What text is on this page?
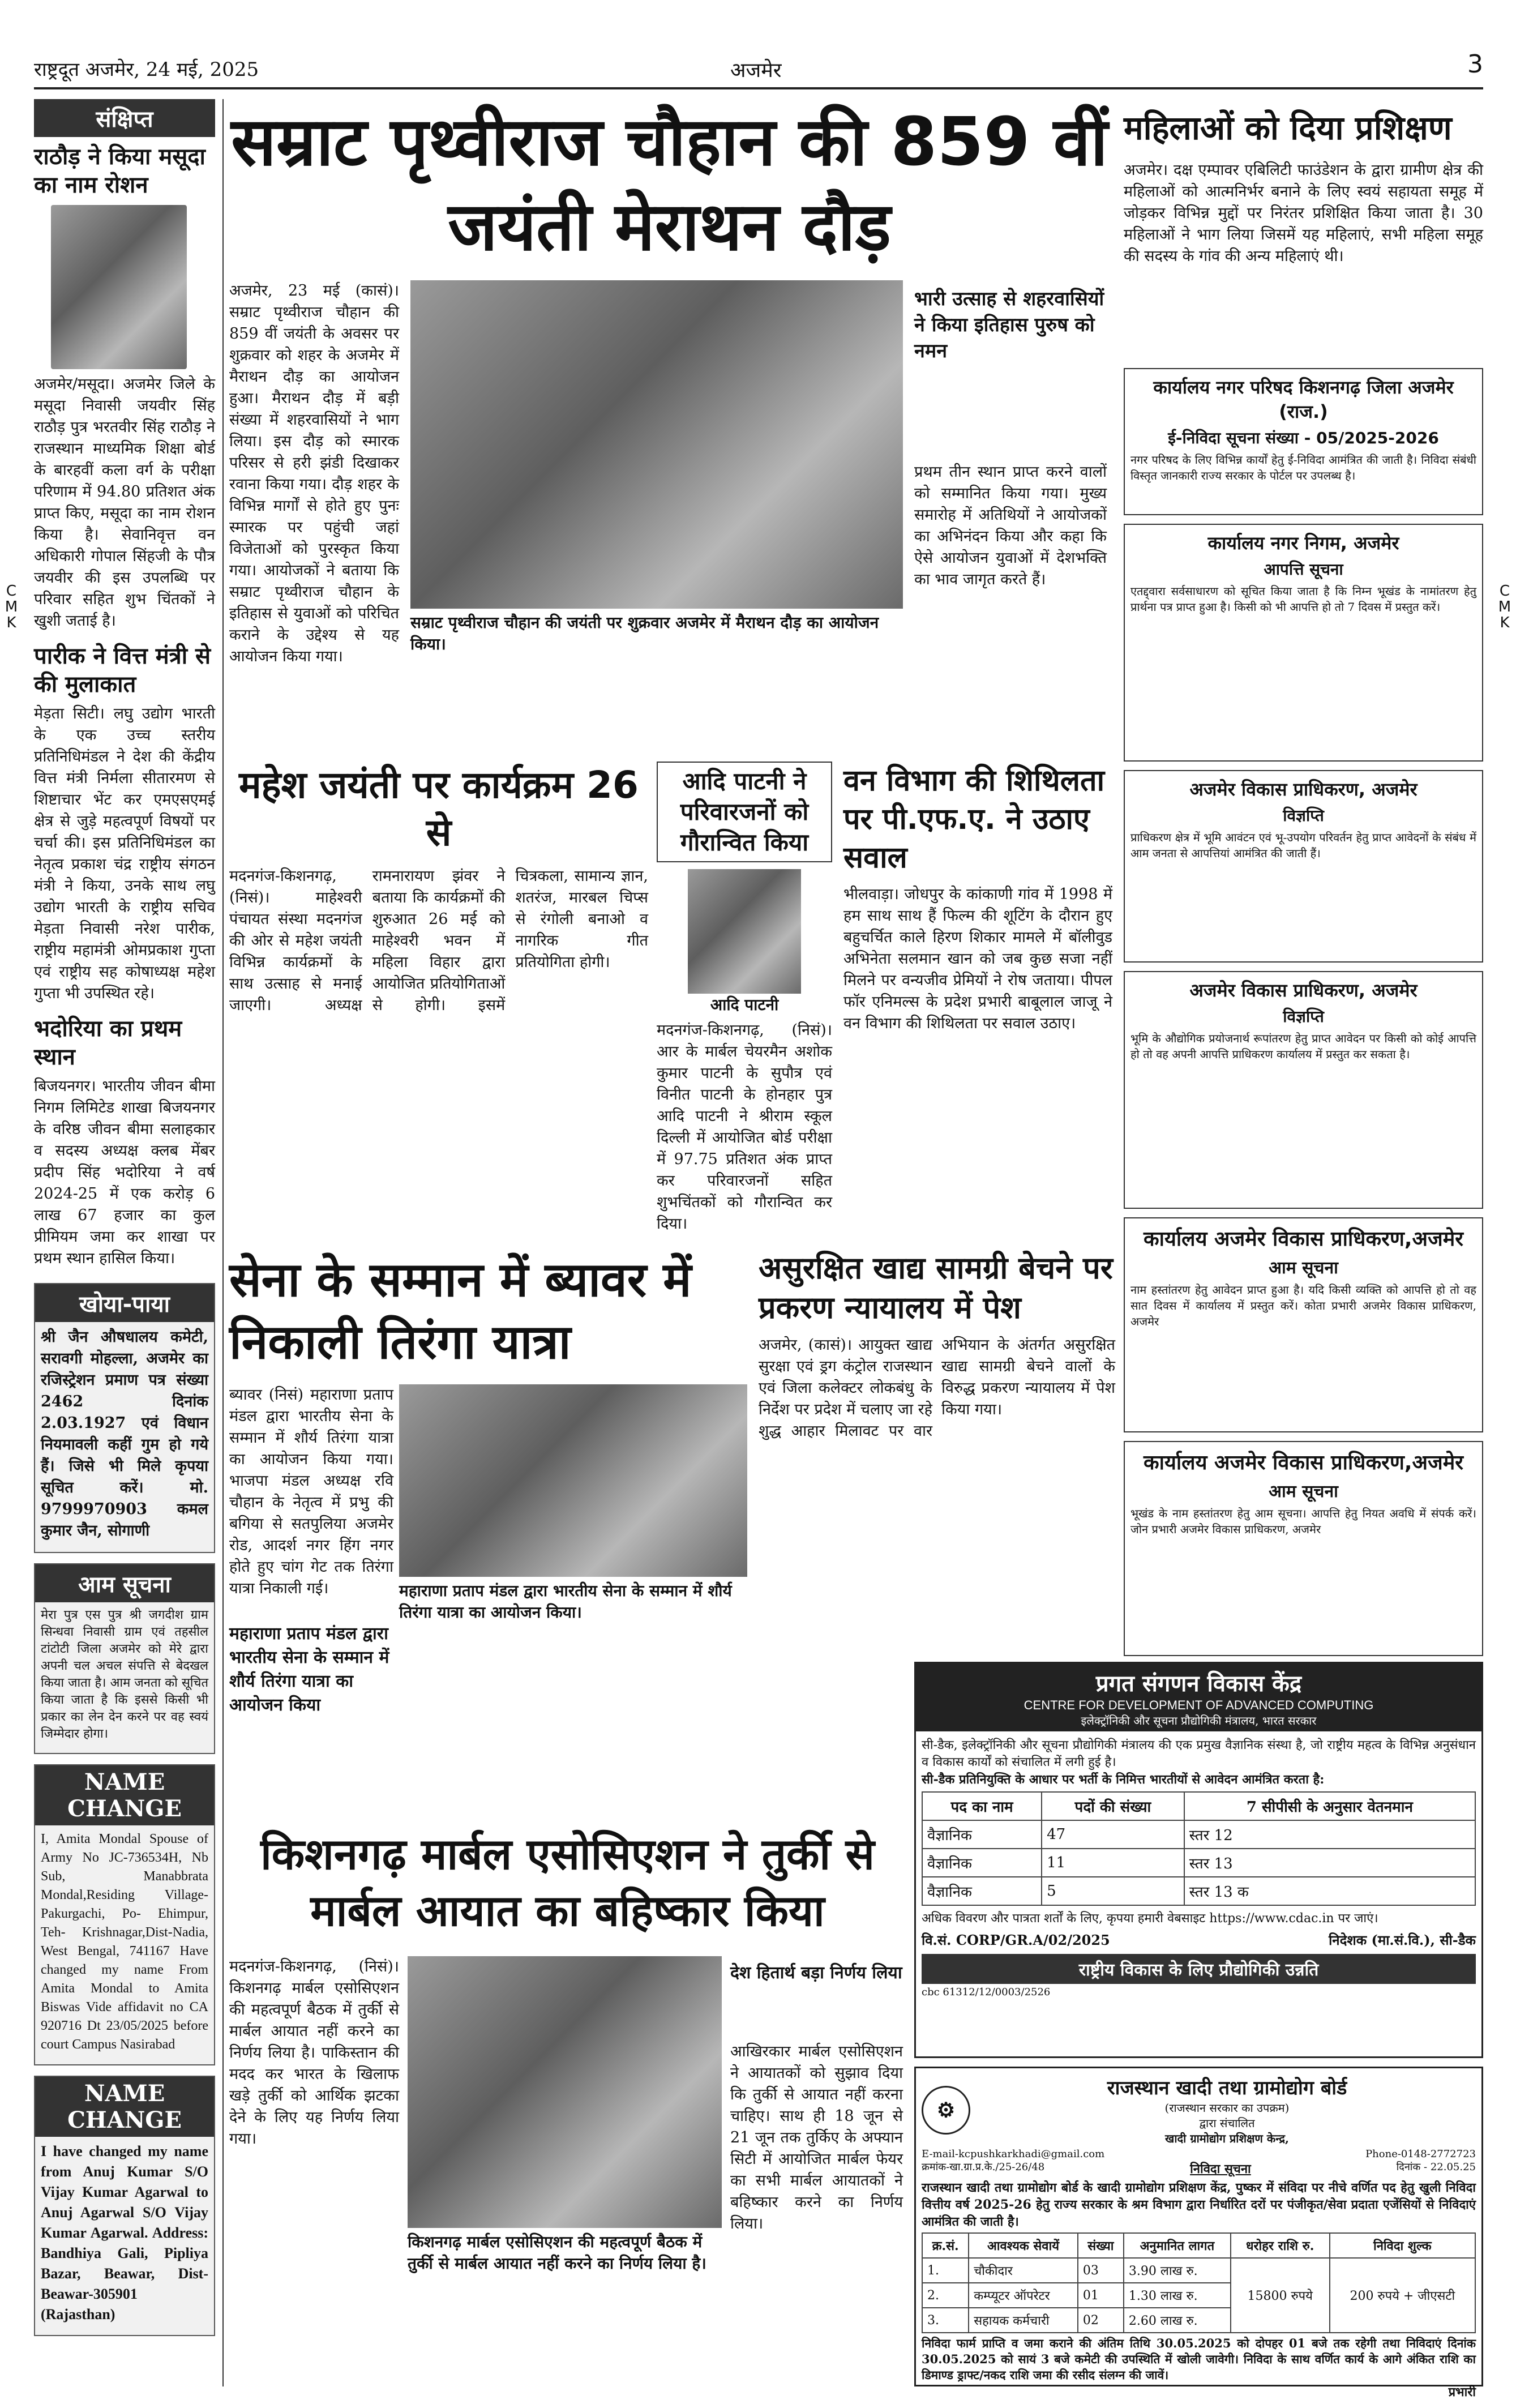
राष्ट्रदूत अजमेर, 24 मई, 2025	अजमेर	3
C M K
C M K
संक्षिप्त
राठौड़ ने किया मसूदा का नाम रोशन
अजमेर/मसूदा। अजमेर जिले के मसूदा निवासी जयवीर सिंह राठौड़ पुत्र भरतवीर सिंह राठौड़ ने राजस्थान माध्यमिक शिक्षा बोर्ड के बारहवीं कला वर्ग के परीक्षा परिणाम में 94.80 प्रतिशत अंक प्राप्त किए, मसूदा का नाम रोशन किया है। सेवानिवृत्त वन अधिकारी गोपाल सिंहजी के पौत्र जयवीर की इस उपलब्धि पर परिवार सहित शुभ चिंतकों ने खुशी जताई है।
पारीक ने वित्त मंत्री से की मुलाकात
मेड़ता सिटी। लघु उद्योग भारती के एक उच्च स्तरीय प्रतिनिधिमंडल ने देश की केंद्रीय वित्त मंत्री निर्मला सीतारमण से शिष्टाचार भेंट कर एमएसएमई क्षेत्र से जुड़े महत्वपूर्ण विषयों पर चर्चा की। इस प्रतिनिधिमंडल का नेतृत्व प्रकाश चंद्र राष्ट्रीय संगठन मंत्री ने किया, उनके साथ लघु उद्योग भारती के राष्ट्रीय सचिव मेड़ता निवासी नरेश पारीक, राष्ट्रीय महामंत्री ओमप्रकाश गुप्ता एवं राष्ट्रीय सह कोषाध्यक्ष महेश गुप्ता भी उपस्थित रहे।
भदोरिया का प्रथम स्थान
बिजयनगर। भारतीय जीवन बीमा निगम लिमिटेड शाखा बिजयनगर के वरिष्ठ जीवन बीमा सलाहकार व सदस्य अध्यक्ष क्लब मेंबर प्रदीप सिंह भदोरिया ने वर्ष 2024-25 में एक करोड़ 6 लाख 67 हजार का कुल प्रीमियम जमा कर शाखा पर प्रथम स्थान हासिल किया।
खोया-पाया
श्री जैन औषधालय कमेटी, सरावगी मोहल्ला, अजमेर का रजिस्ट्रेशन प्रमाण पत्र संख्या 2462 दिनांक 2.03.1927 एवं विधान नियमावली कहीं गुम हो गये हैं। जिसे भी मिले कृपया सूचित करें। मो. 9799970903 कमल कुमार जैन, सोगाणी
आम सूचना
मेरा पुत्र एस पुत्र श्री जगदीश ग्राम सिन्धवा निवासी ग्राम एवं तहसील टांटोटी जिला अजमेर को मेरे द्वारा अपनी चल अचल संपत्ति से बेदखल किया जाता है। आम जनता को सूचित किया जाता है कि इससे किसी भी प्रकार का लेन देन करने पर वह स्वयं जिम्मेदार होगा।
NAME CHANGE
I, Amita Mondal Spouse of Army No JC-736534H, Nb Sub, Manabbrata Mondal,Residing Village-Pakurgachi, Po- Ehimpur, Teh- Krishnagar,Dist-Nadia, West Bengal, 741167 Have changed my name From Amita Mondal to Amita Biswas Vide affidavit no CA 920716 Dt 23/05/2025 before court Campus Nasirabad
NAME CHANGE
I have changed my name from Anuj Kumar S/O Vijay Kumar Agarwal to Anuj Agarwal S/O Vijay Kumar Agarwal. Address: Bandhiya Gali, Pipliya Bazar, Beawar, Dist- Beawar-305901 (Rajasthan)
सम्राट पृथ्वीराज चौहान की 859 वीं जयंती मेराथन दौड़
अजमेर, 23 मई (कासं)। सम्राट पृथ्वीराज चौहान की 859 वीं जयंती के अवसर पर शुक्रवार को शहर के अजमेर में मैराथन दौड़ का आयोजन हुआ। मैराथन दौड़ में बड़ी संख्या में शहरवासियों ने भाग लिया। इस दौड़ को स्मारक परिसर से हरी झंडी दिखाकर रवाना किया गया। दौड़ शहर के विभिन्न मार्गों से होते हुए पुनः स्मारक पर पहुंची जहां विजेताओं को पुरस्कृत किया गया। आयोजकों ने बताया कि सम्राट पृथ्वीराज चौहान के इतिहास से युवाओं को परिचित कराने के उद्देश्य से यह आयोजन किया गया।
सम्राट पृथ्वीराज चौहान की जयंती पर शुक्रवार अजमेर में मैराथन दौड़ का आयोजन किया।
भारी उत्साह से शहरवासियों ने किया इतिहास पुरुष को नमन
प्रथम तीन स्थान प्राप्त करने वालों को सम्मानित किया गया। मुख्य समारोह में अतिथियों ने आयोजकों का अभिनंदन किया और कहा कि ऐसे आयोजन युवाओं में देशभक्ति का भाव जागृत करते हैं।
महिलाओं को दिया प्रशिक्षण
अजमेर। दक्ष एम्पावर एबिलिटी फाउंडेशन के द्वारा ग्रामीण क्षेत्र की महिलाओं को आत्मनिर्भर बनाने के लिए स्वयं सहायता समूह में जोड़कर विभिन्न मुद्दों पर निरंतर प्रशिक्षित किया जाता है। 30 महिलाओं ने भाग लिया जिसमें यह महिलाएं, सभी महिला समूह की सदस्य के गांव की अन्य महिलाएं थी।
कार्यालय नगर परिषद किशनगढ़ जिला अजमेर (राज.)
ई-निविदा सूचना संख्या - 05/2025-2026
नगर परिषद के लिए विभिन्न कार्यों हेतु ई-निविदा आमंत्रित की जाती है। निविदा संबंधी विस्तृत जानकारी राज्य सरकार के पोर्टल पर उपलब्ध है।
कार्यालय नगर निगम, अजमेर
आपत्ति सूचना
एतद्द्वारा सर्वसाधारण को सूचित किया जाता है कि निम्न भूखंड के नामांतरण हेतु प्रार्थना पत्र प्राप्त हुआ है। किसी को भी आपत्ति हो तो 7 दिवस में प्रस्तुत करें।
अजमेर विकास प्राधिकरण, अजमेर
विज्ञप्ति
प्राधिकरण क्षेत्र में भूमि आवंटन एवं भू-उपयोग परिवर्तन हेतु प्राप्त आवेदनों के संबंध में आम जनता से आपत्तियां आमंत्रित की जाती हैं।
अजमेर विकास प्राधिकरण, अजमेर
विज्ञप्ति
भूमि के औद्योगिक प्रयोजनार्थ रूपांतरण हेतु प्राप्त आवेदन पर किसी को कोई आपत्ति हो तो वह अपनी आपत्ति प्राधिकरण कार्यालय में प्रस्तुत कर सकता है।
कार्यालय अजमेर विकास प्राधिकरण,अजमेर
आम सूचना
नाम हस्तांतरण हेतु आवेदन प्राप्त हुआ है। यदि किसी व्यक्ति को आपत्ति हो तो वह सात दिवस में कार्यालय में प्रस्तुत करें। कोता प्रभारी अजमेर विकास प्राधिकरण, अजमेर
कार्यालय अजमेर विकास प्राधिकरण,अजमेर
आम सूचना
भूखंड के नाम हस्तांतरण हेतु आम सूचना। आपत्ति हेतु नियत अवधि में संपर्क करें। जोन प्रभारी अजमेर विकास प्राधिकरण, अजमेर
महेश जयंती पर कार्यक्रम 26 से
मदनगंज-किशनगढ़, (निसं)। माहेश्वरी पंचायत संस्था मदनगंज की ओर से महेश जयंती विभिन्न कार्यक्रमों के साथ उत्साह से मनाई जाएगी। अध्यक्ष रामनारायण झंवर ने बताया कि कार्यक्रमों की शुरुआत 26 मई को माहेश्वरी भवन में महिला विहार द्वारा आयोजित प्रतियोगिताओं से होगी। इसमें चित्रकला, सामान्य ज्ञान, शतरंज, मारबल चिप्स से रंगोली बनाओ व नागरिक गीत प्रतियोगिता होगी।
आदि पाटनी ने परिवारजनों को गौरान्वित किया
आदि पाटनी
मदनगंज-किशनगढ़, (निसं)। आर के मार्बल चेयरमैन अशोक कुमार पाटनी के सुपौत्र एवं विनीत पाटनी के होनहार पुत्र आदि पाटनी ने श्रीराम स्कूल दिल्ली में आयोजित बोर्ड परीक्षा में 97.75 प्रतिशत अंक प्राप्त कर परिवारजनों सहित शुभचिंतकों को गौरान्वित कर दिया।
वन विभाग की शिथिलता पर पी.एफ.ए. ने उठाए सवाल
भीलवाड़ा। जोधपुर के कांकाणी गांव में 1998 में हम साथ साथ हैं फिल्म की शूटिंग के दौरान हुए बहुचर्चित काले हिरण शिकार मामले में बॉलीवुड अभिनेता सलमान खान को जब कुछ सजा नहीं मिलने पर वन्यजीव प्रेमियों ने रोष जताया। पीपल फॉर एनिमल्स के प्रदेश प्रभारी बाबूलाल जाजू ने वन विभाग की शिथिलता पर सवाल उठाए।
सेना के सम्मान में ब्यावर में निकाली तिरंगा यात्रा
ब्यावर (निसं) महाराणा प्रताप मंडल द्वारा भारतीय सेना के सम्मान में शौर्य तिरंगा यात्रा का आयोजन किया गया। भाजपा मंडल अध्यक्ष रवि चौहान के नेतृत्व में प्रभु की बगिया से सतपुलिया अजमेर रोड, आदर्श नगर हिंग नगर होते हुए चांग गेट तक तिरंगा यात्रा निकाली गई।	महाराणा प्रताप मंडल द्वारा भारतीय सेना के सम्मान में शौर्य तिरंगा यात्रा का आयोजन किया।
महाराणा प्रताप मंडल द्वारा भारतीय सेना के सम्मान में शौर्य तिरंगा यात्रा का आयोजन किया
असुरक्षित खाद्य सामग्री बेचने पर प्रकरण न्यायालय में पेश
अजमेर, (कासं)। आयुक्त खाद्य सुरक्षा एवं ड्रग कंट्रोल राजस्थान एवं जिला कलेक्टर लोकबंधु के निर्देश पर प्रदेश में चलाए जा रहे शुद्ध आहार मिलावट पर वार अभियान के अंतर्गत असुरक्षित खाद्य सामग्री बेचने वालों के विरुद्ध प्रकरण न्यायालय में पेश किया गया।
प्रगत संगणन विकास केंद्र
CENTRE FOR DEVELOPMENT OF ADVANCED COMPUTING
इलेक्ट्रॉनिकी और सूचना प्रौद्योगिकी मंत्रालय, भारत सरकार
सी-डैक, इलेक्ट्रॉनिकी और सूचना प्रौद्योगिकी मंत्रालय की एक प्रमुख वैज्ञानिक संस्था है, जो राष्ट्रीय महत्व के विभिन्न अनुसंधान व विकास कार्यों को संचालित में लगी हुई है।
सी-डैक प्रतिनियुक्ति के आधार पर भर्ती के निमित्त भारतीयों से आवेदन आमंत्रित करता है:
पद का नाम	पदों की संख्या	7 सीपीसी के अनुसार वेतनमान
वैज्ञानिक	47	स्तर 12
वैज्ञानिक	11	स्तर 13
वैज्ञानिक	5	स्तर 13 क
अधिक विवरण और पात्रता शर्तों के लिए, कृपया हमारी वेबसाइट https://www.cdac.in पर जाएं।
वि.सं. CORP/GR.A/02/2025	निदेशक (मा.सं.वि.), सी-डैक
राष्ट्रीय विकास के लिए प्रौद्योगिकी उन्नति
cbc 61312/12/0003/2526
किशनगढ़ मार्बल एसोसिएशन ने तुर्की से मार्बल आयात का बहिष्कार किया
मदनगंज-किशनगढ़, (निसं)। किशनगढ़ मार्बल एसोसिएशन की महत्वपूर्ण बैठक में तुर्की से मार्बल आयात नहीं करने का निर्णय लिया है। पाकिस्तान की मदद कर भारत के खिलाफ खड़े तुर्की को आर्थिक झटका देने के लिए यह निर्णय लिया गया।
किशनगढ़ मार्बल एसोसिएशन की महत्वपूर्ण बैठक में तुर्की से मार्बल आयात नहीं करने का निर्णय लिया है।
देश हितार्थ बड़ा निर्णय लिया
आखिरकार मार्बल एसोसिएशन ने आयातकों को सुझाव दिया कि तुर्की से आयात नहीं करना चाहिए। साथ ही 18 जून से 21 जून तक तुर्किए के अफ्यान सिटी में आयोजित मार्बल फेयर का सभी मार्बल आयातकों ने बहिष्कार करने का निर्णय लिया।
⚙
राजस्थान खादी तथा ग्रामोद्योग बोर्ड
(राजस्थान सरकार का उपक्रम)
द्वारा संचालित
खादी ग्रामोद्योग प्रशिक्षण केन्द्र,
E-mail-kcpushkarkhadi@gmail.com	Phone-0148-2772723
क्रमांक-खा.ग्रा.प्र.के./25-26/48	निविदा सूचना	दिनांक - 22.05.25
राजस्थान खादी तथा ग्रामोद्योग बोर्ड के खादी ग्रामोद्योग प्रशिक्षण केंद्र, पुष्कर में संविदा पर नीचे वर्णित पद हेतु खुली निविदा वित्तीय वर्ष 2025-26 हेतु राज्य सरकार के श्रम विभाग द्वारा निर्धारित दरों पर पंजीकृत/सेवा प्रदाता एजेंसियों से निविदाएं आमंत्रित की जाती है।
क्र.सं.	आवश्यक सेवायें	संख्या	अनुमानित लागत	धरोहर राशि रु.	निविदा शुल्क
1.	चौकीदार	03	3.90 लाख रु.	15800 रुपये	200 रुपये + जीएसटी
2.	कम्प्यूटर ऑपरेटर	01	1.30 लाख रु.		
3.	सहायक कर्मचारी	02	2.60 लाख रु.		
निविदा फार्म प्राप्ति व जमा कराने की अंतिम तिथि 30.05.2025 को दोपहर 01 बजे तक रहेगी तथा निविदाएं दिनांक 30.05.2025 को सायं 3 बजे कमेटी की उपस्थिति में खोली जावेगी। निविदा के साथ वर्णित कार्य के आगे अंकित राशि का डिमाण्ड ड्राफ्ट/नकद राशि जमा की रसीद संलग्न की जावें।
प्रभारी
